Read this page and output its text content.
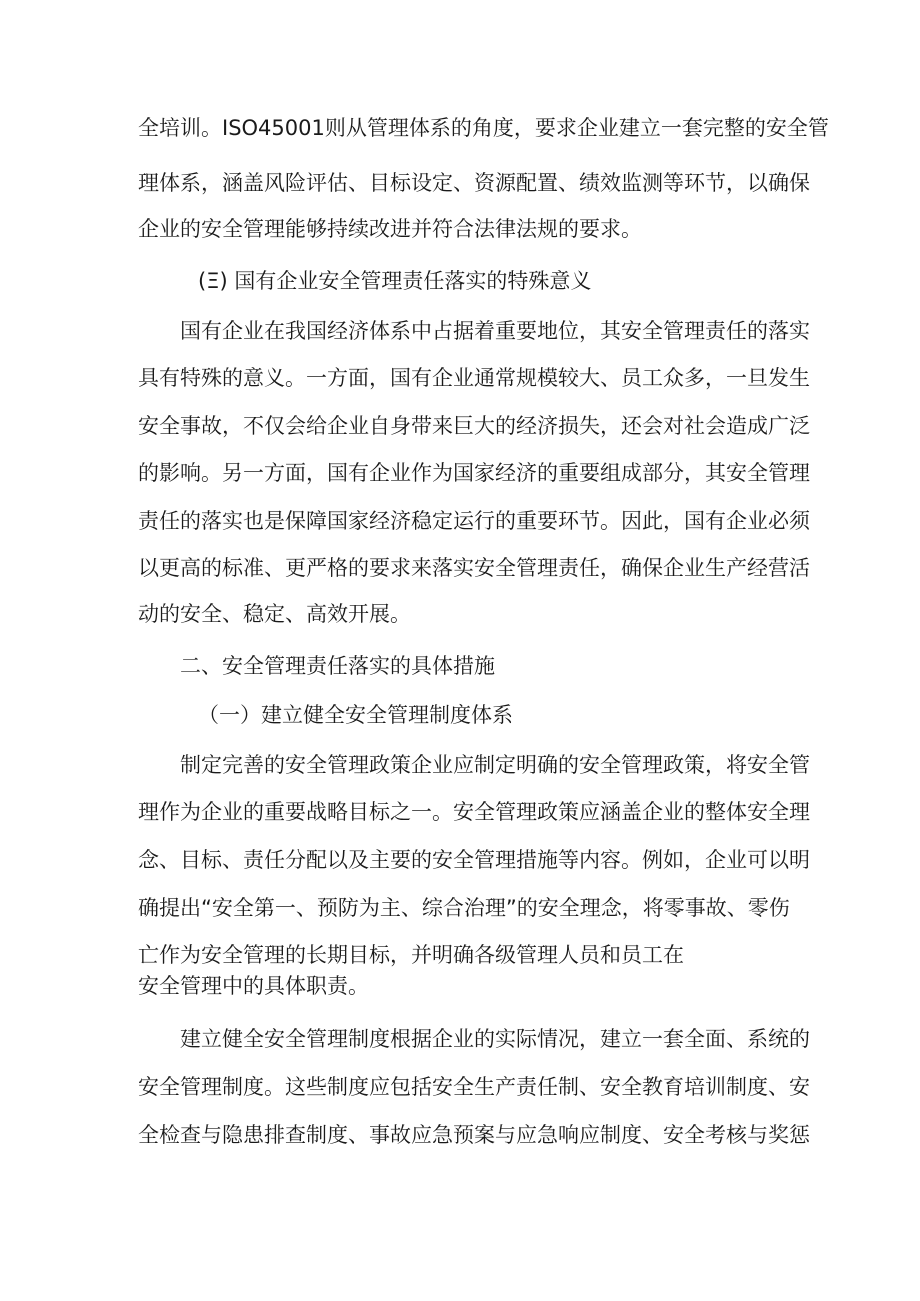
全培训。ISO45001则从管理体系的角度，要求企业建立一套完整的安全管
理体系，涵盖风险评估、目标设定、资源配置、绩效监测等环节，以确保
企业的安全管理能够持续改进并符合法律法规的要求。
(Ξ) 国有企业安全管理责任落实的特殊意义
国有企业在我国经济体系中占据着重要地位，其安全管理责任的落实
具有特殊的意义。一方面，国有企业通常规模较大、员工众多，一旦发生
安全事故，不仅会给企业自身带来巨大的经济损失，还会对社会造成广泛
的影响。另一方面，国有企业作为国家经济的重要组成部分，其安全管理
责任的落实也是保障国家经济稳定运行的重要环节。因此，国有企业必须
以更高的标准、更严格的要求来落实安全管理责任，确保企业生产经营活
动的安全、稳定、高效开展。
二、安全管理责任落实的具体措施
（一）建立健全安全管理制度体系
制定完善的安全管理政策企业应制定明确的安全管理政策，将安全管
理作为企业的重要战略目标之一。安全管理政策应涵盖企业的整体安全理
念、目标、责任分配以及主要的安全管理措施等内容。例如，企业可以明
确提出“安全第一、预防为主、综合治理”的安全理念，将零事故、零伤
亡作为安全管理的长期目标，并明确各级管理人员和员工在
安全管理中的具体职责。
建立健全安全管理制度根据企业的实际情况，建立一套全面、系统的
安全管理制度。这些制度应包括安全生产责任制、安全教育培训制度、安
全检查与隐患排查制度、事故应急预案与应急响应制度、安全考核与奖惩
